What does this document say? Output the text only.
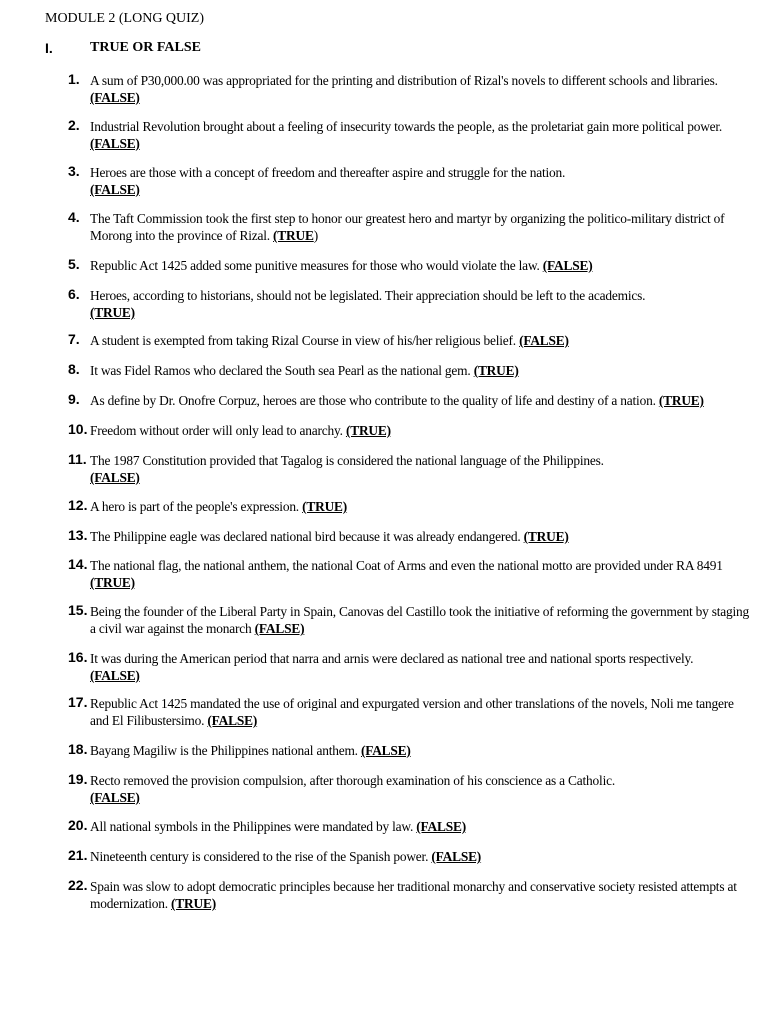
MODULE 2 (LONG QUIZ)
I.	TRUE OR FALSE
1. A sum of P30,000.00 was appropriated for the printing and distribution of Rizal's novels to different schools and libraries. (FALSE)
2. Industrial Revolution brought about a feeling of insecurity towards the people, as the proletariat gain more political power. (FALSE)
3. Heroes are those with a concept of freedom and thereafter aspire and struggle for the nation.
(FALSE)
4. The Taft Commission took the first step to honor our greatest hero and martyr by organizing the politico-military district of Morong into the province of Rizal. (TRUE)
5. Republic Act 1425 added some punitive measures for those who would violate the law. (FALSE)
6. Heroes, according to historians, should not be legislated. Their appreciation should be left to the academics.
(TRUE)
7. A student is exempted from taking Rizal Course in view of his/her religious belief. (FALSE)
8. It was Fidel Ramos who declared the South sea Pearl as the national gem. (TRUE)
9. As define by Dr. Onofre Corpuz, heroes are those who contribute to the quality of life and destiny of a nation. (TRUE)
10. Freedom without order will only lead to anarchy. (TRUE)
11. The 1987 Constitution provided that Tagalog is considered the national language of the Philippines.
(FALSE)
12. A hero is part of the people's expression. (TRUE)
13. The Philippine eagle was declared national bird because it was already endangered. (TRUE)
14. The national flag, the national anthem, the national Coat of Arms and even the national motto are provided under RA 8491 (TRUE)
15. Being the founder of the Liberal Party in Spain, Canovas del Castillo took the initiative of reforming the government by staging a civil war against the monarch (FALSE)
16. It was during the American period that narra and arnis were declared as national tree and national sports respectively.
(FALSE)
17. Republic Act 1425 mandated the use of original and expurgated version and other translations of the novels, Noli me tangere and El Filibustersimo. (FALSE)
18. Bayang Magiliw is the Philippines national anthem. (FALSE)
19. Recto removed the provision compulsion, after thorough examination of his conscience as a Catholic.
(FALSE)
20. All national symbols in the Philippines were mandated by law. (FALSE)
21. Nineteenth century is considered to the rise of the Spanish power. (FALSE)
22. Spain was slow to adopt democratic principles because her traditional monarchy and conservative society resisted attempts at modernization. (TRUE)
